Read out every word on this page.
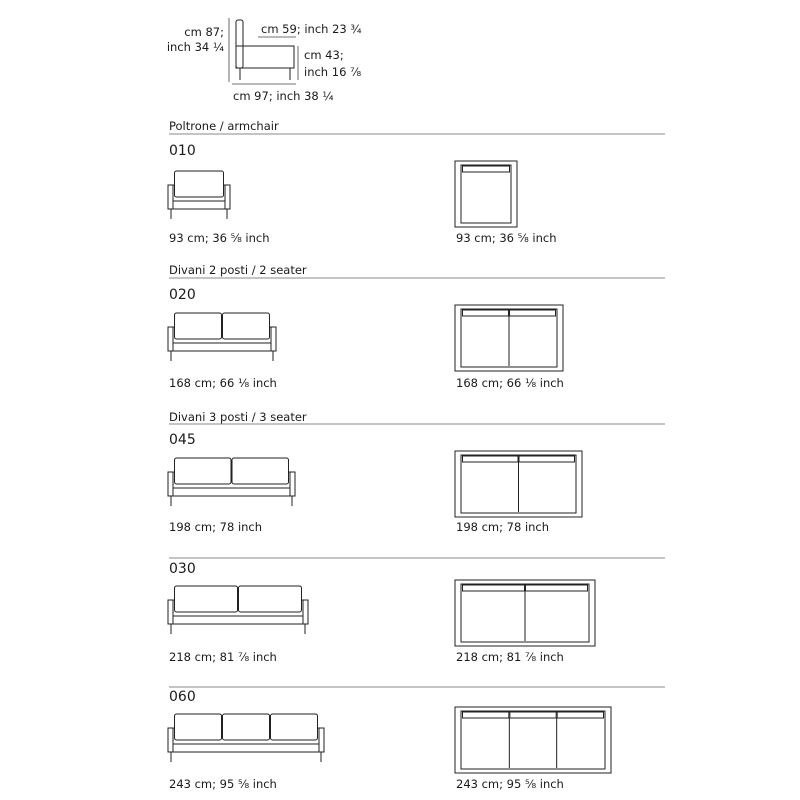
cm 87;
inch 34 ¼
cm 59; inch 23 ¾
cm 43;
inch 16 ⅞
cm 97; inch 38 ¼
Poltrone / armchair
Divani 2 posti / 2 seater
Divani 3 posti / 3 seater
010
020
045
030
060
93 cm; 36 ⅝ inch	93 cm; 36 ⅝ inch
168 cm; 66 ⅛ inch	168 cm; 66 ⅛ inch
198 cm; 78 inch	198 cm; 78 inch
218 cm; 81 ⅞ inch	218 cm; 81 ⅞ inch
243 cm; 95 ⅝ inch	243 cm; 95 ⅝ inch
